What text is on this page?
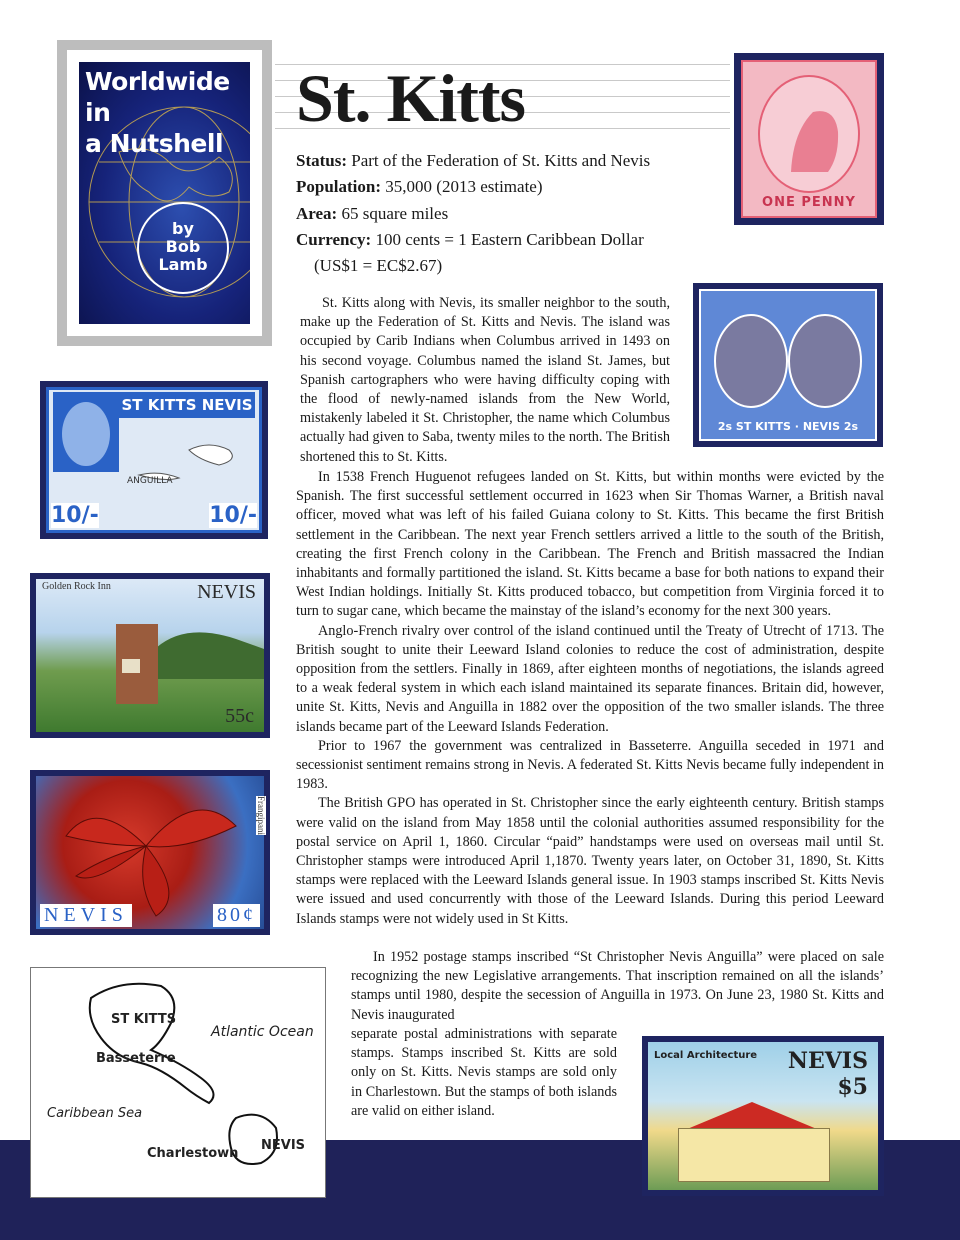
Worldwide in
a Nutshell
by
Bob
Lamb
St. Kitts
Status: Part of the Federation of St. Kitts and Nevis
Population: 35,000 (2013 estimate)
Area: 65 square miles
Currency: 100 cents = 1 Eastern Caribbean Dollar
(US$1 = EC$2.67)
ONE PENNY
2s ST KITTS · NEVIS 2s
ST KITTS NEVIS
ANGUILLA
10/-	10/-
Golden Rock Inn	NEVIS
55c
NEVIS	80¢
Frangipani
Local Architecture NEVIS
$5

St. Kitts along with Nevis, its smaller neighbor to the south, make up the Federation of St. Kitts and Nevis. The island was occupied by Carib Indians when Columbus arrived in 1493 on his second voyage. Columbus named the island St. James, but Spanish cartographers who were having difficulty coping with the flood of newly-named islands from the New World, mistakenly labeled it St. Christopher, the name which Columbus actually had given to Saba, twenty miles to the north. The British shortened this to St. Kitts.

In 1538 French Huguenot refugees landed on St. Kitts, but within months were evicted by the Spanish. The first successful settlement occurred in 1623 when Sir Thomas Warner, a British naval officer, moved what was left of his failed Guiana colony to St. Kitts. This became the first British settlement in the Caribbean. The next year French settlers arrived a little to the south of the British, creating the first French colony in the Caribbean. The French and British massacred the Indian inhabitants and formally partitioned the island. St. Kitts became a base for both nations to expand their West Indian holdings. Initially St. Kitts produced tobacco, but competition from Virginia forced it to turn to sugar cane, which became the mainstay of the island’s economy for the next 300 years.

Anglo-French rivalry over control of the island continued until the Treaty of Utrecht of 1713. The British sought to unite their Leeward Island colonies to reduce the cost of administration, despite opposition from the settlers. Finally in 1869, after eighteen months of negotiations, the islands agreed to a weak federal system in which each island maintained its separate finances. Britain did, however, unite St. Kitts, Nevis and Anguilla in 1882 over the opposition of the two smaller islands. The three islands became part of the Leeward Islands Federation.

Prior to 1967 the government was centralized in Basseterre. Anguilla seceded in 1971 and secessionist sentiment remains strong in Nevis. A federated St. Kitts Nevis became fully independent in 1983.

The British GPO has operated in St. Christopher since the early eighteenth century. British stamps were valid on the island from May 1858 until the colonial authorities assumed responsibility for the postal service on April 1, 1860. Circular “paid” handstamps were used on overseas mail until St. Christopher stamps were introduced April 1,1870. Twenty years later, on October 31, 1890, St. Kitts stamps were replaced with the Leeward Islands general issue. In 1903 stamps inscribed St. Kitts Nevis were issued and used concurrently with those of the Leeward Islands. During this period Leeward Islands stamps were not widely used in St Kitts.

In 1952 postage stamps inscribed “St Christopher Nevis Anguilla” were placed on sale recognizing the new Legislative arrangements. That inscription remained on all the islands’ stamps until 1980, despite the secession of Anguilla in 1973. On June 23, 1980 St. Kitts and Nevis inaugurated

separate postal administrations with separate stamps. Stamps inscribed St. Kitts are sold only on St. Kitts. Nevis stamps are sold only in Charlestown. But the stamps of both islands are valid on either island.

ST KITTS
Atlantic Ocean
Basseterre
Caribbean Sea
Charlestown
NEVIS
